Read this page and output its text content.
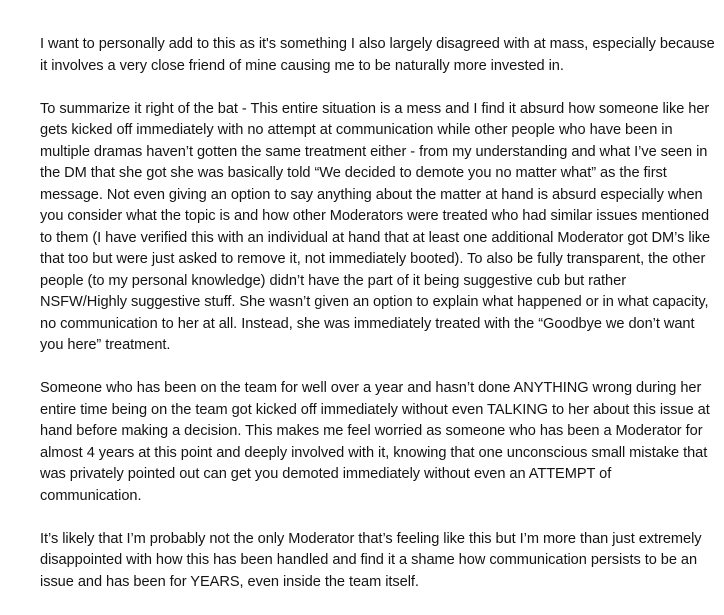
I want to personally add to this as it's something I also largely disagreed with at mass, especially because it involves a very close friend of mine causing me to be naturally more invested in.

To summarize it right of the bat - This entire situation is a mess and I find it absurd how someone like her gets kicked off immediately with no attempt at communication while other people who have been in multiple dramas haven’t gotten the same treatment either - from my understanding and what I’ve seen in the DM that she got she was basically told “We decided to demote you no matter what” as the first message. Not even giving an option to say anything about the matter at hand is absurd especially when you consider what the topic is and how other Moderators were treated who had similar issues mentioned to them (I have verified this with an individual at hand that at least one additional Moderator got DM’s like that too but were just asked to remove it, not immediately booted). To also be fully transparent, the other people (to my personal knowledge) didn’t have the part of it being suggestive cub but rather NSFW/Highly suggestive stuff. She wasn’t given an option to explain what happened or in what capacity, no communication to her at all. Instead, she was immediately treated with the “Goodbye we don’t want you here” treatment.

Someone who has been on the team for well over a year and hasn’t done ANYTHING wrong during her entire time being on the team got kicked off immediately without even TALKING to her about this issue at hand before making a decision. This makes me feel worried as someone who has been a Moderator for almost 4 years at this point and deeply involved with it, knowing that one unconscious small mistake that was privately pointed out can get you demoted immediately without even an ATTEMPT of communication.

It’s likely that I’m probably not the only Moderator that’s feeling like this but I’m more than just extremely disappointed with how this has been handled and find it a shame how communication persists to be an issue and has been for YEARS, even inside the team itself.
